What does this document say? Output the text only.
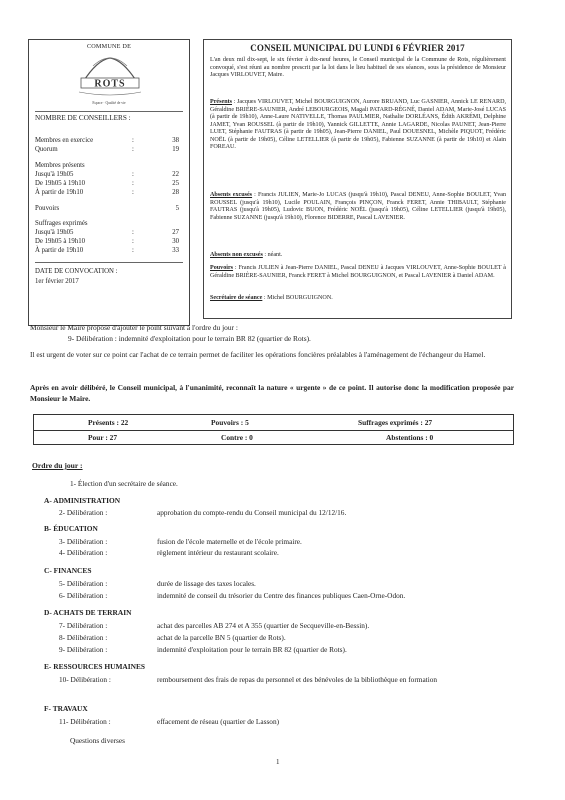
COMMUNE DE
ROTS
Espace · Qualité de vie
NOMBRE DE CONSEILLERS :
Membres en exercice	:	38
Quorum	:	19
Membres présents
Jusqu'à 19h05	:	22
De 19h05 à 19h10	:	25
À partir de 19h10	:	28
Pouvoirs	5
Suffrages exprimés
Jusqu'à 19h05	:	27
De 19h05 à 19h10	:	30
À partir de 19h10	:	33
DATE DE CONVOCATION :
1er février 2017
CONSEIL MUNICIPAL DU LUNDI 6 FÉVRIER 2017
L'an deux mil dix-sept, le six février à dix-neuf heures, le Conseil municipal de la Commune de Rots, régulièrement convoqué, s'est réuni au nombre prescrit par la loi dans le lieu habituel de ses séances, sous la présidence de Monsieur Jacques VIRLOUVET, Maire.
Présents : Jacques VIRLOUVET, Michel BOURGUIGNON, Aurore BRUAND, Luc GASNIER, Annick LE RENARD, Géraldine BRIÈRE-SAUNIER, André LEBOURGEOIS, Magali PATARD-RÉGNÉ, Daniel ADAM, Marie-José LUCAS (à partir de 19h10), Anne-Laure NATIVELLE, Thomas PAULMIER, Nathalie DORLÉANS, Édith AKRÉMI, Delphine JAMET, Yvan ROUSSEL (à partir de 19h10), Yannick GILLETTE, Annie LAGARDE, Nicolas PAUNET, Jean-Pierre LUET, Stéphanie FAUTRAS (à partir de 19h05), Jean-Pierre DANIEL, Paul DOUESNEL, Michèle PIQUOT, Frédéric NOËL (à partir de 19h05), Céline LETELLIER (à partir de 19h05), Fabienne SUZANNE (à partir de 19h10) et Alain FOREAU.
Absents excusés : Francis JULIEN, Marie-Jo LUCAS (jusqu'à 19h10), Pascal DENEU, Anne-Sophie BOULET, Yvan ROUSSEL (jusqu'à 19h10), Lucile POULAIN, François PINÇON, Franck FERET, Annie THIBAULT, Stéphanie FAUTRAS (jusqu'à 19h05), Ludovic BUON, Frédéric NOËL (jusqu'à 19h05), Céline LETELLIER (jusqu'à 19h05), Fabienne SUZANNE (jusqu'à 19h10), Florence BIDERRE, Pascal LAVENIER.
Absents non excusés : néant.
Pouvoirs : Francis JULIEN à Jean-Pierre DANIEL, Pascal DENEU à Jacques VIRLOUVET, Anne-Sophie BOULET à Géraldine BRIÈRE-SAUNIER, Franck FERET à Michel BOURGUIGNON, et Pascal LAVENIER à Daniel ADAM.
Secrétaire de séance : Michel BOURGUIGNON.
Monsieur le Maire propose d'ajouter le point suivant à l'ordre du jour :
9- Délibération : indemnité d'exploitation pour le terrain BR 82 (quartier de Rots).
Il est urgent de voter sur ce point car l'achat de ce terrain permet de faciliter les opérations foncières préalables à l'aménagement de l'échangeur du Hamel.
Après en avoir délibéré, le Conseil municipal, à l'unanimité, reconnaît la nature « urgente » de ce point. Il autorise donc la modification proposée par Monsieur le Maire.
Présents : 22	Pouvoirs : 5	Suffrages exprimés : 27
Pour : 27	Contre : 0	Abstentions : 0
Ordre du jour :
1- Élection d'un secrétaire de séance.
A- ADMINISTRATION
2- Délibération :	approbation du compte-rendu du Conseil municipal du 12/12/16.
B- ÉDUCATION
3- Délibération :	fusion de l'école maternelle et de l'école primaire.
4- Délibération :	règlement intérieur du restaurant scolaire.
C- FINANCES
5- Délibération :	durée de lissage des taxes locales.
6- Délibération :	indemnité de conseil du trésorier du Centre des finances publiques Caen-Orne-Odon.
D- ACHATS DE TERRAIN
7- Délibération :	achat des parcelles AB 274 et A 355 (quartier de Secqueville-en-Bessin).
8- Délibération :	achat de la parcelle BN 5 (quartier de Rots).
9- Délibération :	indemnité d'exploitation pour le terrain BR 82 (quartier de Rots).
E- RESSOURCES HUMAINES
10- Délibération :	remboursement des frais de repas du personnel et des bénévoles de la bibliothèque en formation
F- TRAVAUX
11- Délibération :	effacement de réseau (quartier de Lasson)
Questions diverses
1
